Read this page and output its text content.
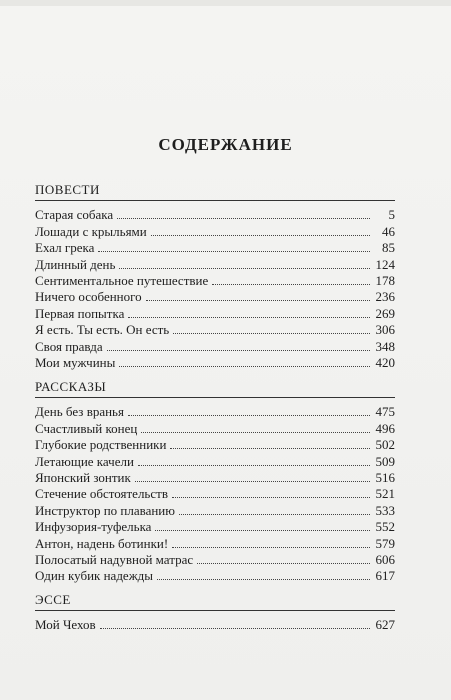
СОДЕРЖАНИЕ
ПОВЕСТИ
Старая собака	5
Лошади с крыльями	46
Ехал грека	85
Длинный день	124
Сентиментальное путешествие	178
Ничего особенного	236
Первая попытка	269
Я есть. Ты есть. Он есть	306
Своя правда	348
Мои мужчины	420
РАССКАЗЫ
День без вранья	475
Счастливый конец	496
Глубокие родственники	502
Летающие качели	509
Японский зонтик	516
Стечение обстоятельств	521
Инструктор по плаванию	533
Инфузория-туфелька	552
Антон, надень ботинки!	579
Полосатый надувной матрас	606
Один кубик надежды	617
ЭССЕ
Мой Чехов	627
